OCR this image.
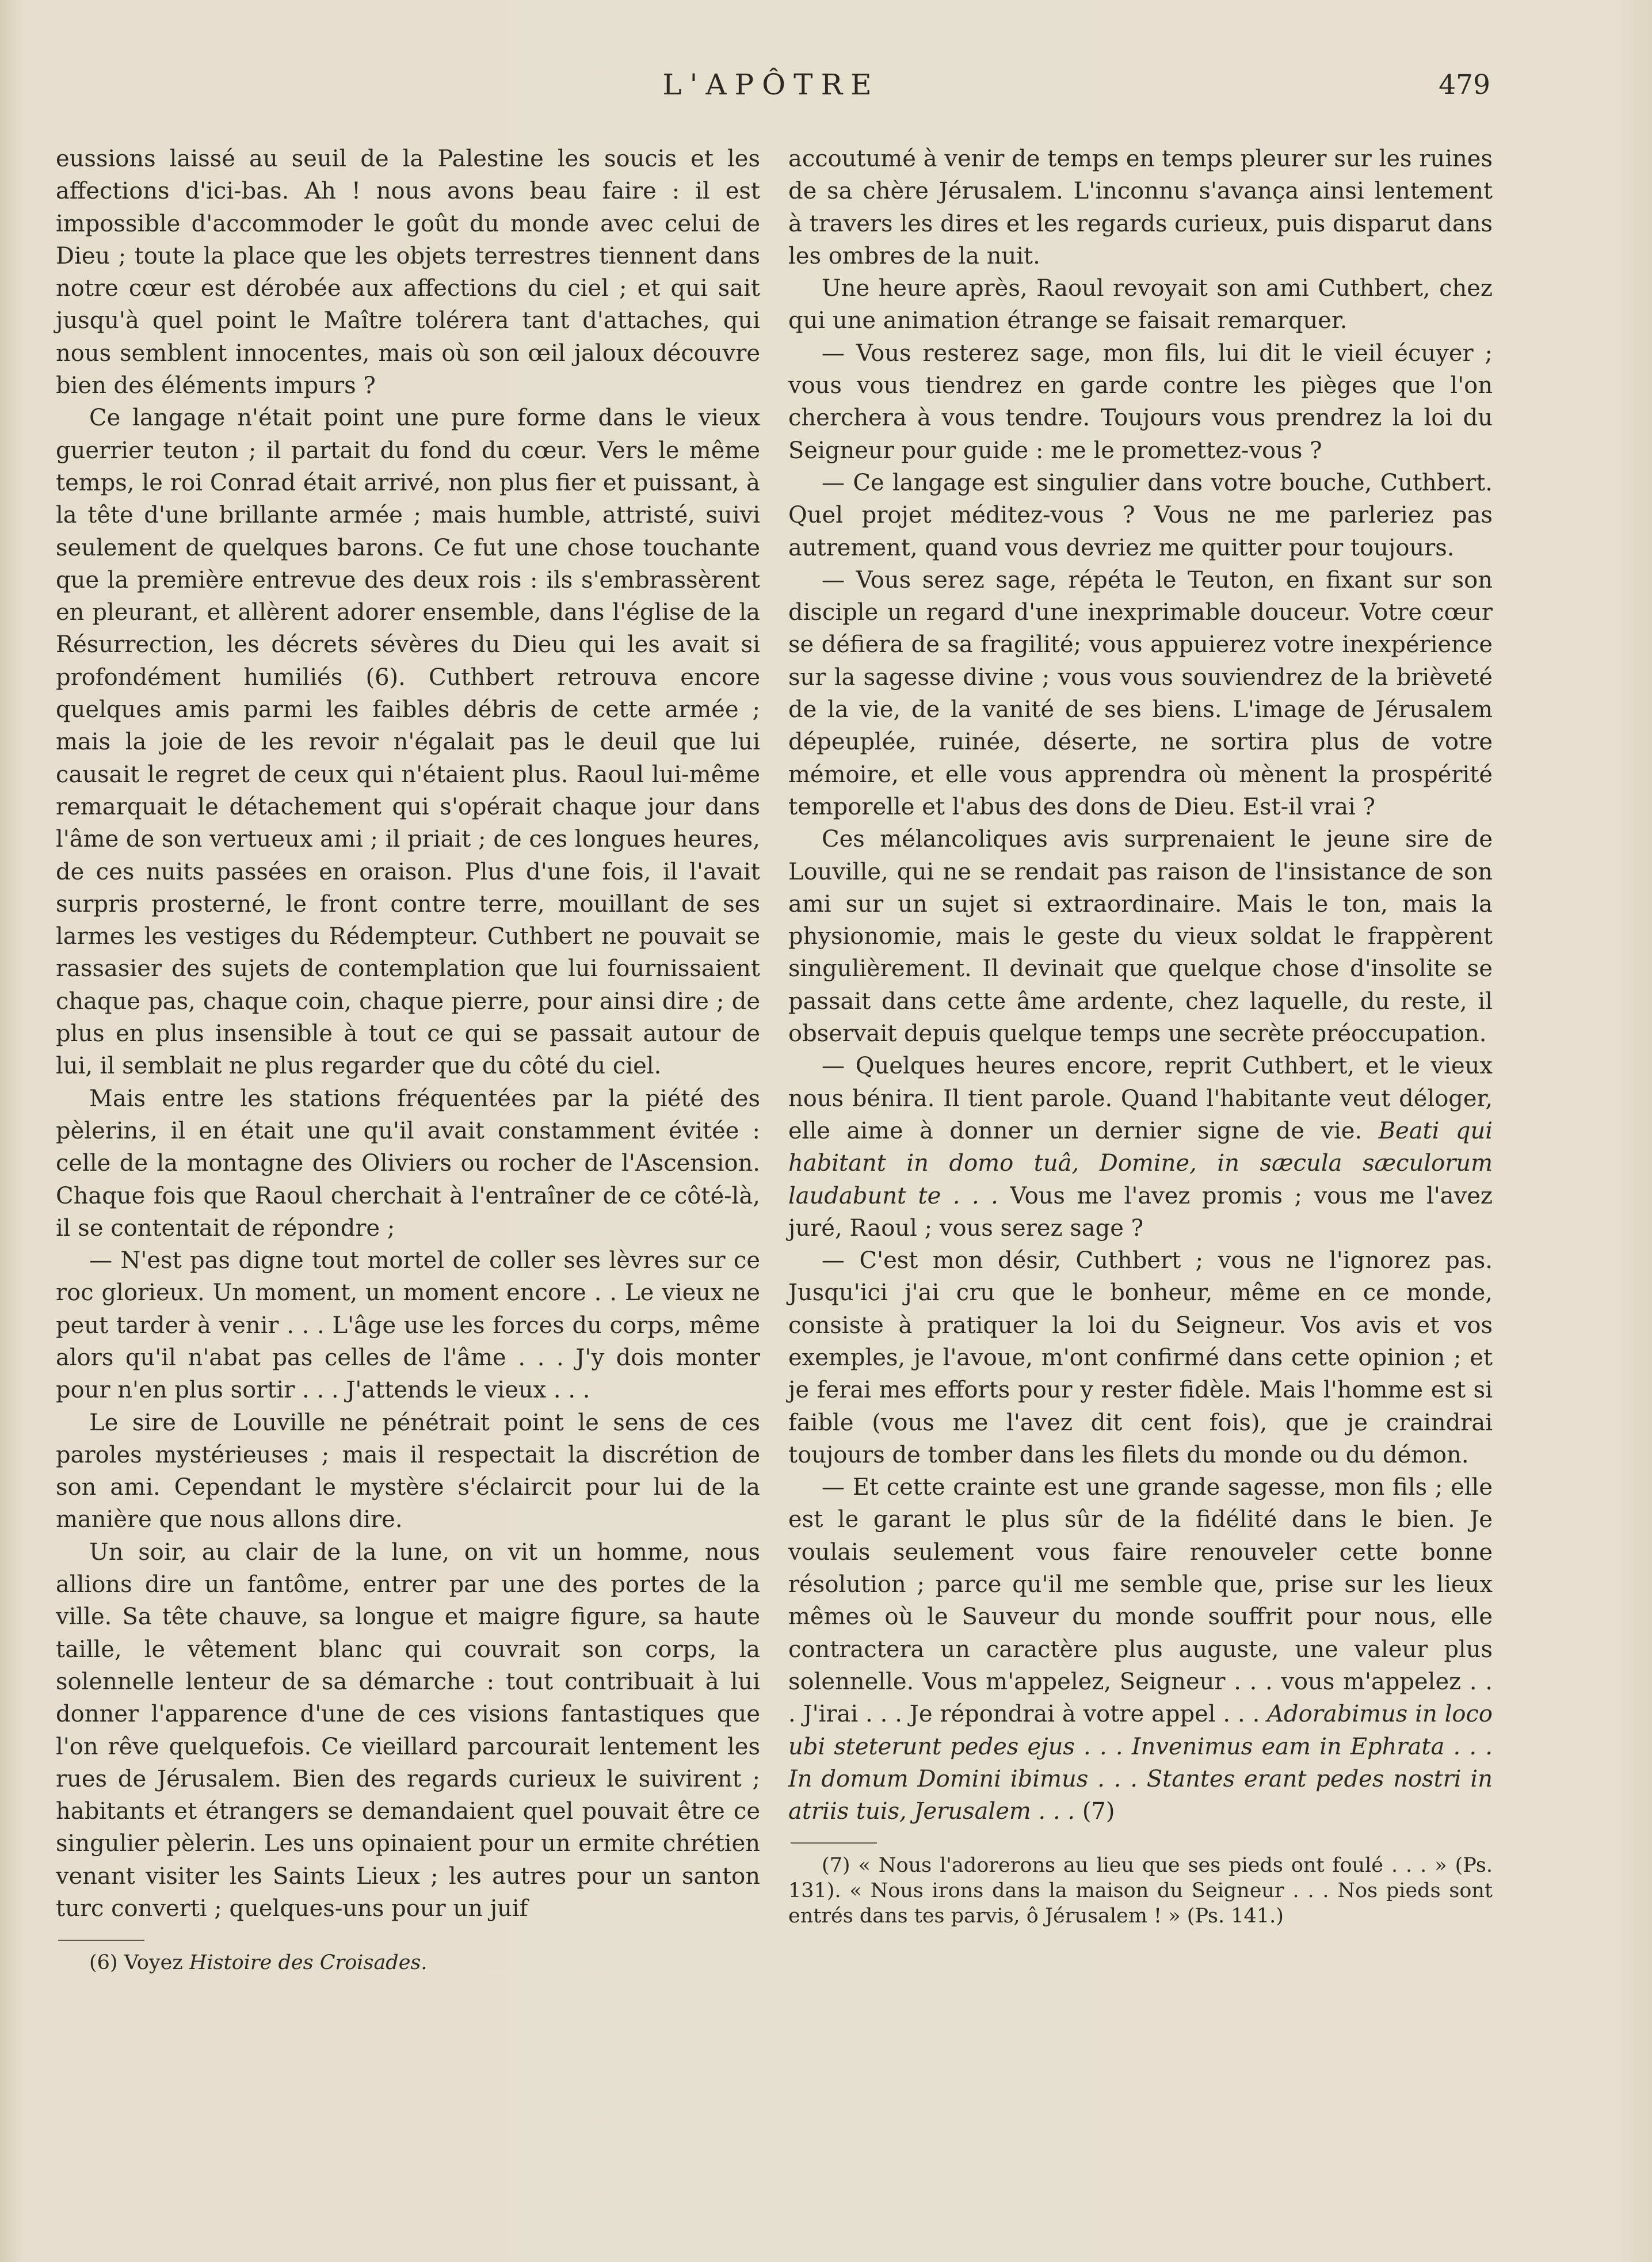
L'APÔTRE	479

eussions laissé au seuil de la Palestine les soucis et les affections d'ici-bas. Ah ! nous avons beau faire : il est impossible d'accommoder le goût du monde avec celui de Dieu ; toute la place que les objets terrestres tiennent dans notre cœur est dérobée aux affections du ciel ; et qui sait jusqu'à quel point le Maître tolérera tant d'attaches, qui nous semblent innocentes, mais où son œil jaloux découvre bien des éléments impurs ?

Ce langage n'était point une pure forme dans le vieux guerrier teuton ; il partait du fond du cœur. Vers le même temps, le roi Conrad était arrivé, non plus fier et puissant, à la tête d'une brillante armée ; mais humble, attristé, suivi seulement de quelques barons. Ce fut une chose touchante que la première entrevue des deux rois : ils s'embrassèrent en pleurant, et allèrent adorer ensemble, dans l'église de la Résurrection, les décrets sévères du Dieu qui les avait si profondément humiliés (6). Cuthbert retrouva encore quelques amis parmi les faibles débris de cette armée ; mais la joie de les revoir n'égalait pas le deuil que lui causait le regret de ceux qui n'étaient plus. Raoul lui-même remarquait le détachement qui s'opérait chaque jour dans l'âme de son vertueux ami ; il priait ; de ces longues heures, de ces nuits passées en oraison. Plus d'une fois, il l'avait surpris prosterné, le front contre terre, mouillant de ses larmes les vestiges du Rédempteur. Cuthbert ne pouvait se rassasier des sujets de contemplation que lui fournissaient chaque pas, chaque coin, chaque pierre, pour ainsi dire ; de plus en plus insensible à tout ce qui se passait autour de lui, il semblait ne plus regarder que du côté du ciel.

Mais entre les stations fréquentées par la piété des pèlerins, il en était une qu'il avait constamment évitée : celle de la montagne des Oliviers ou rocher de l'Ascension. Chaque fois que Raoul cherchait à l'entraîner de ce côté-là, il se contentait de répondre ;

— N'est pas digne tout mortel de coller ses lèvres sur ce roc glorieux. Un moment, un moment encore . . Le vieux ne peut tarder à venir . . . L'âge use les forces du corps, même alors qu'il n'abat pas celles de l'âme . . . J'y dois monter pour n'en plus sortir . . . J'attends le vieux . . .

Le sire de Louville ne pénétrait point le sens de ces paroles mystérieuses ; mais il respectait la discrétion de son ami. Cependant le mystère s'éclaircit pour lui de la manière que nous allons dire.

Un soir, au clair de la lune, on vit un homme, nous allions dire un fantôme, entrer par une des portes de la ville. Sa tête chauve, sa longue et maigre figure, sa haute taille, le vêtement blanc qui couvrait son corps, la solennelle lenteur de sa démarche : tout contribuait à lui donner l'apparence d'une de ces visions fantastiques que l'on rêve quelquefois. Ce vieillard parcourait lentement les rues de Jérusalem. Bien des regards curieux le suivirent ; habitants et étrangers se demandaient quel pouvait être ce singulier pèlerin. Les uns opinaient pour un ermite chrétien venant visiter les Saints Lieux ; les autres pour un santon turc converti ; quelques-uns pour un juif

(6) Voyez Histoire des Croisades.

accoutumé à venir de temps en temps pleurer sur les ruines de sa chère Jérusalem. L'inconnu s'avança ainsi lentement à travers les dires et les regards curieux, puis disparut dans les ombres de la nuit.

Une heure après, Raoul revoyait son ami Cuthbert, chez qui une animation étrange se faisait remarquer.

— Vous resterez sage, mon fils, lui dit le vieil écuyer ; vous vous tiendrez en garde contre les pièges que l'on cherchera à vous tendre. Toujours vous prendrez la loi du Seigneur pour guide : me le promettez-vous ?

— Ce langage est singulier dans votre bouche, Cuthbert. Quel projet méditez-vous ? Vous ne me parleriez pas autrement, quand vous devriez me quitter pour toujours.

— Vous serez sage, répéta le Teuton, en fixant sur son disciple un regard d'une inexprimable douceur. Votre cœur se défiera de sa fragilité; vous appuierez votre inexpérience sur la sagesse divine ; vous vous souviendrez de la brièveté de la vie, de la vanité de ses biens. L'image de Jérusalem dépeuplée, ruinée, déserte, ne sortira plus de votre mémoire, et elle vous apprendra où mènent la prospérité temporelle et l'abus des dons de Dieu. Est-il vrai ?

Ces mélancoliques avis surprenaient le jeune sire de Louville, qui ne se rendait pas raison de l'insistance de son ami sur un sujet si extraordinaire. Mais le ton, mais la physionomie, mais le geste du vieux soldat le frappèrent singulièrement. Il devinait que quelque chose d'insolite se passait dans cette âme ardente, chez laquelle, du reste, il observait depuis quelque temps une secrète préoccupation.

— Quelques heures encore, reprit Cuthbert, et le vieux nous bénira. Il tient parole. Quand l'habitante veut déloger, elle aime à donner un dernier signe de vie. Beati qui habitant in domo tuâ, Domine, in sæcula sæculorum laudabunt te . . . Vous me l'avez promis ; vous me l'avez juré, Raoul ; vous serez sage ?

— C'est mon désir, Cuthbert ; vous ne l'ignorez pas. Jusqu'ici j'ai cru que le bonheur, même en ce monde, consiste à pratiquer la loi du Seigneur. Vos avis et vos exemples, je l'avoue, m'ont confirmé dans cette opinion ; et je ferai mes efforts pour y rester fidèle. Mais l'homme est si faible (vous me l'avez dit cent fois), que je craindrai toujours de tomber dans les filets du monde ou du démon.

— Et cette crainte est une grande sagesse, mon fils ; elle est le garant le plus sûr de la fidélité dans le bien. Je voulais seulement vous faire renouveler cette bonne résolution ; parce qu'il me semble que, prise sur les lieux mêmes où le Sauveur du monde souffrit pour nous, elle contractera un caractère plus auguste, une valeur plus solennelle. Vous m'appelez, Seigneur . . . vous m'appelez . . . J'irai . . . Je répondrai à votre appel . . . Adorabimus in loco ubi steterunt pedes ejus . . . Invenimus eam in Ephrata . . . In domum Domini ibimus . . . Stantes erant pedes nostri in atriis tuis, Jerusalem . . . (7)

(7) « Nous l'adorerons au lieu que ses pieds ont foulé . . . » (Ps. 131). « Nous irons dans la maison du Seigneur . . . Nos pieds sont entrés dans tes parvis, ô Jérusalem ! » (Ps. 141.)
